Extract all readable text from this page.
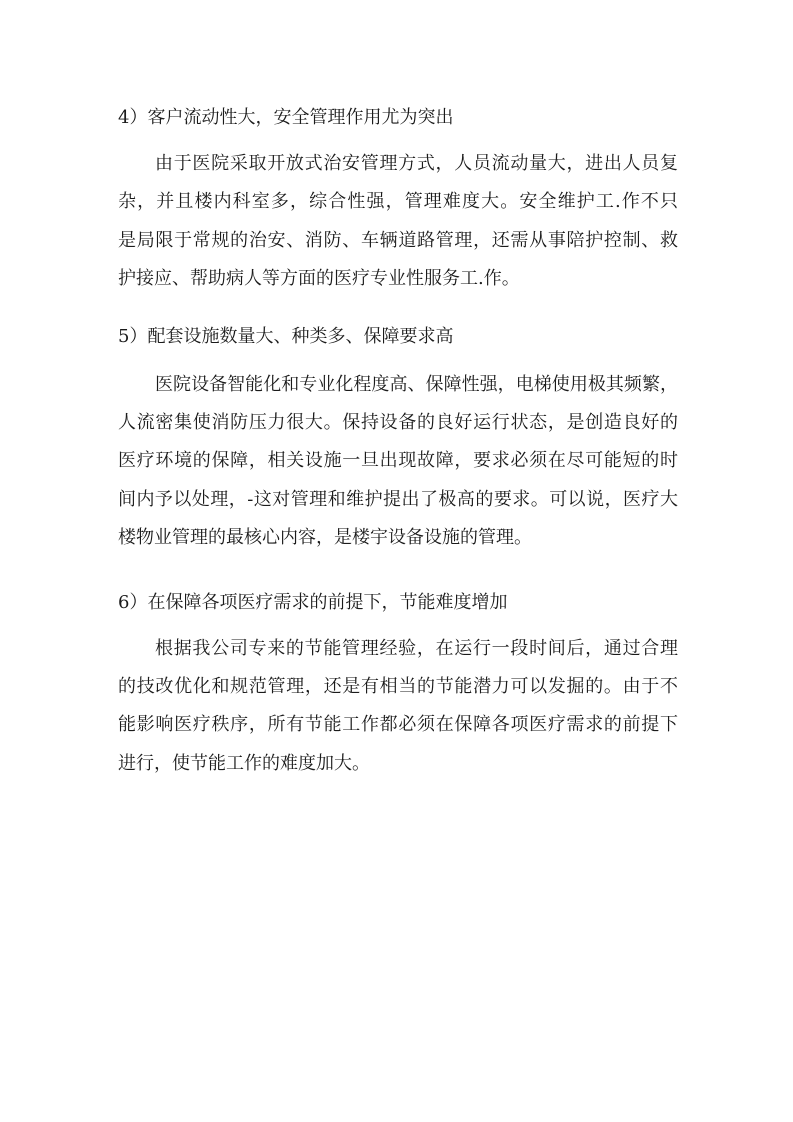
4）客户流动性大，安全管理作用尤为突出
由于医院采取开放式治安管理方式，人员流动量大，进出人员复
杂，并且楼内科室多，综合性强，管理难度大。安全维护工.作不只
是局限于常规的治安、消防、车辆道路管理，还需从事陪护控制、救
护接应、帮助病人等方面的医疗专业性服务工.作。
5）配套设施数量大、种类多、保障要求高
医院设备智能化和专业化程度高、保障性强，电梯使用极其频繁，
人流密集使消防压力很大。保持设备的良好运行状态，是创造良好的
医疗环境的保障，相关设施一旦出现故障，要求必须在尽可能短的时
间内予以处理，-这对管理和维护提出了极高的要求。可以说，医疗大
楼物业管理的最核心内容，是楼宇设备设施的管理。
6）在保障各项医疗需求的前提下，节能难度增加
根据我公司专来的节能管理经验，在运行一段时间后，通过合理
的技改优化和规范管理，还是有相当的节能潜力可以发掘的。由于不
能影响医疗秩序，所有节能工作都必须在保障各项医疗需求的前提下
进行，使节能工作的难度加大。
